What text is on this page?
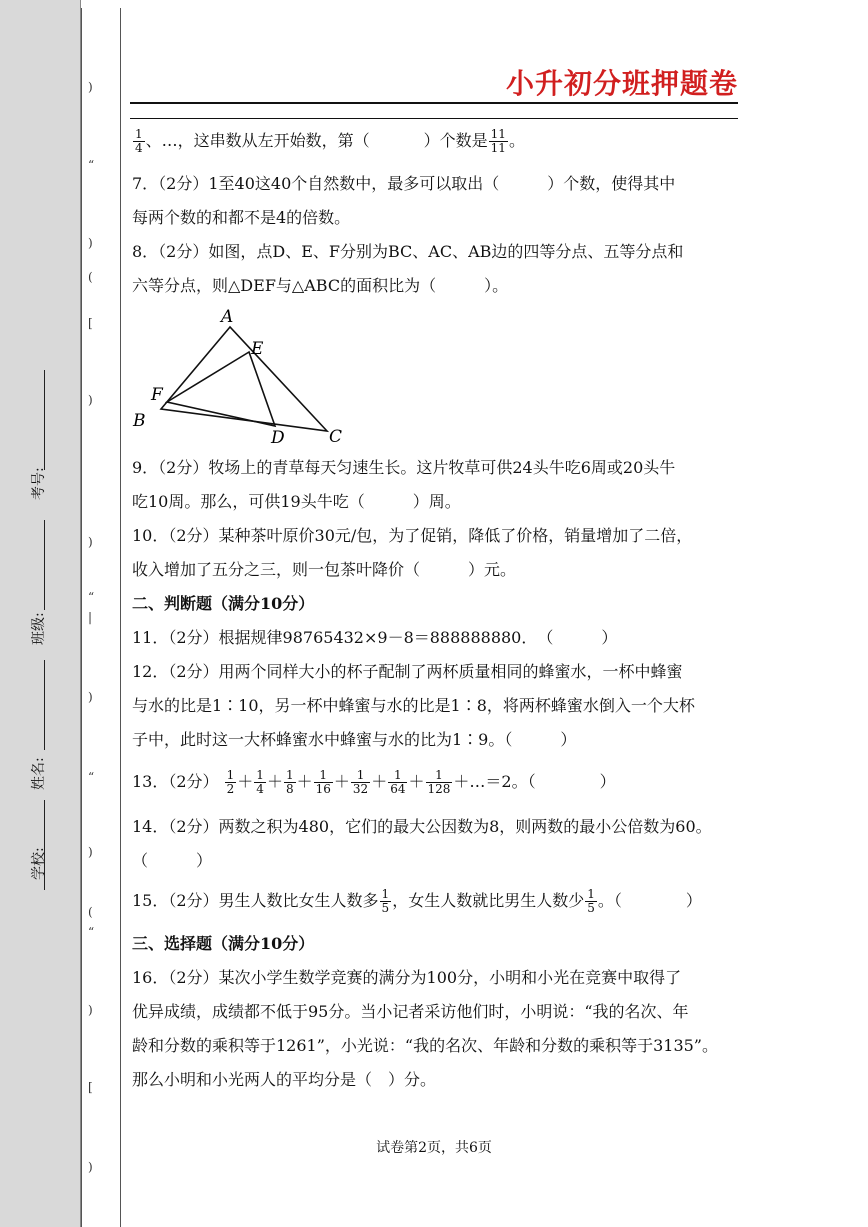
)
“
)
(
[
)
)
“
|
)
“
)
(
“
)
[
)
考号:
班级:
姓名:
学校:
小升初分班押题卷
$\frac{1}{4}$ 、…，这串数从左开始数，第（	）个数是 $\frac{11}{11}$ 。
7．（2分）1至40这40个自然数中，最多可以取出（　　　）个数，使得其中
每两个数的和都不是4的倍数。
8．（2分）如图，点D、E、F分别为BC、AC、AB边的四等分点、五等分点和
六等分点，则△DEF与△ABC的面积比为（　　　）。
A
E
F
B
D	C
9．（2分）牧场上的青草每天匀速生长。这片牧草可供24头牛吃6周或20头牛
吃10周。那么，可供19头牛吃（　　　）周。
10．（2分）某种茶叶原价30元/包，为了促销，降低了价格，销量增加了二倍，
收入增加了五分之三，则一包茶叶降价（　　　）元。
二、判断题（满分10分）
11．（2分）根据规律98765432×9－8＝888888880．　（　　　）
12．（2分）用两个同样大小的杯子配制了两杯质量相同的蜂蜜水，一杯中蜂蜜
与水的比是1∶10，另一杯中蜂蜜与水的比是1∶8，将两杯蜂蜜水倒入一个大杯
子中，此时这一大杯蜂蜜水中蜂蜜与水的比为1∶9。（　　　）
13．（2分） $\frac{1}{2} + \frac{1}{4} + \frac{1}{8} + \frac{1}{16} + \frac{1}{32} + \frac{1}{64} + \frac{1}{128}$ ＋…＝2。（　　　　）
14．（2分）两数之积为480，它们的最大公因数为8，则两数的最小公倍数为60。
（　　　）
15．（2分）男生人数比女生人数多 $\frac{1}{5}$ ，女生人数就比男生人数少 $\frac{1}{5}$ 。（　　　　）
三、选择题（满分10分）
16．（2分）某次小学生数学竞赛的满分为100分，小明和小光在竞赛中取得了
优异成绩，成绩都不低于95分。当小记者采访他们时，小明说：“我的名次、年
龄和分数的乘积等于1261”，小光说：“我的名次、年龄和分数的乘积等于3135”。
那么小明和小光两人的平均分是（　）分。
试卷第2页，共6页
